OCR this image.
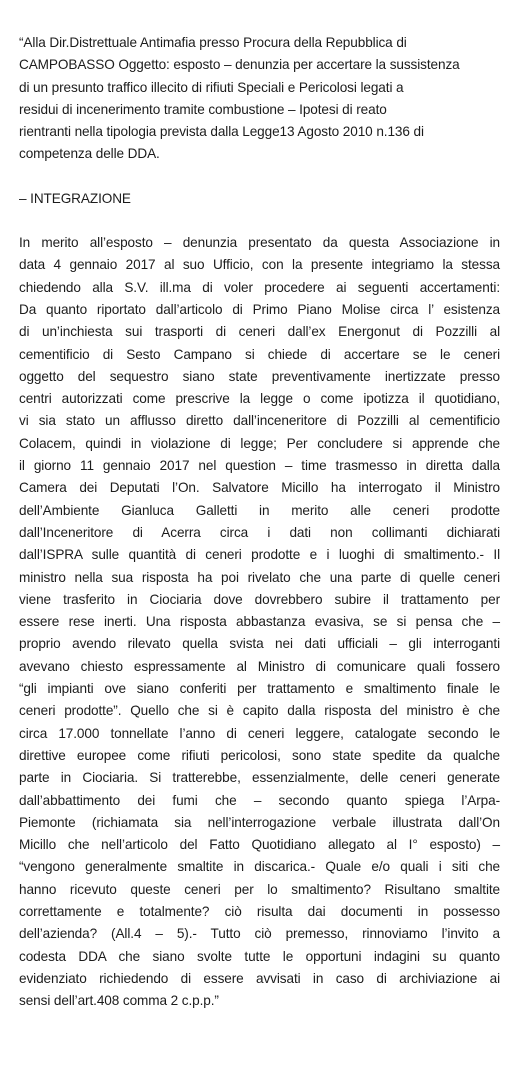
“Alla Dir.Distrettuale Antimafia presso Procura della Repubblica di
CAMPOBASSO Oggetto: esposto – denunzia per accertare la sussistenza
di un presunto traffico illecito di rifiuti Speciali e Pericolosi legati a
residui di incenerimento tramite combustione – Ipotesi di reato
rientranti nella tipologia prevista dalla Legge13 Agosto 2010 n.136 di
competenza delle DDA.
– INTEGRAZIONE
In merito all’esposto – denunzia presentato da questa Associazione in
data 4 gennaio 2017 al suo Ufficio, con la presente integriamo la stessa
chiedendo alla S.V. ill.ma di voler procedere ai seguenti accertamenti:
Da quanto riportato dall’articolo di Primo Piano Molise circa l’ esistenza
di un’inchiesta sui trasporti di ceneri dall’ex Energonut di Pozzilli al
cementificio di Sesto Campano si chiede di accertare se le ceneri
oggetto del sequestro siano state preventivamente inertizzate presso
centri autorizzati come prescrive la legge o come ipotizza il quotidiano,
vi sia stato un afflusso diretto dall’inceneritore di Pozzilli al cementificio
Colacem, quindi in violazione di legge; Per concludere si apprende che
il giorno 11 gennaio 2017 nel question – time trasmesso in diretta dalla
Camera dei Deputati l’On. Salvatore Micillo ha interrogato il Ministro
dell’Ambiente Gianluca Galletti in merito alle ceneri prodotte
dall’Inceneritore di Acerra circa i dati non collimanti dichiarati
dall’ISPRA sulle quantità di ceneri prodotte e i luoghi di smaltimento.- Il
ministro nella sua risposta ha poi rivelato che una parte di quelle ceneri
viene trasferito in Ciociaria dove dovrebbero subire il trattamento per
essere rese inerti. Una risposta abbastanza evasiva, se si pensa che –
proprio avendo rilevato quella svista nei dati ufficiali – gli interroganti
avevano chiesto espressamente al Ministro di comunicare quali fossero
“gli impianti ove siano conferiti per trattamento e smaltimento finale le
ceneri prodotte”. Quello che si è capito dalla risposta del ministro è che
circa 17.000 tonnellate l’anno di ceneri leggere, catalogate secondo le
direttive europee come rifiuti pericolosi, sono state spedite da qualche
parte in Ciociaria. Si tratterebbe, essenzialmente, delle ceneri generate
dall’abbattimento dei fumi che – secondo quanto spiega l’Arpa-
Piemonte (richiamata sia nell’interrogazione verbale illustrata dall’On
Micillo che nell’articolo del Fatto Quotidiano allegato al I° esposto) –
“vengono generalmente smaltite in discarica.- Quale e/o quali i siti che
hanno ricevuto queste ceneri per lo smaltimento? Risultano smaltite
correttamente e totalmente? ciò risulta dai documenti in possesso
dell’azienda? (All.4 – 5).- Tutto ciò premesso, rinnoviamo l’invito a
codesta DDA che siano svolte tutte le opportuni indagini su quanto
evidenziato richiedendo di essere avvisati in caso di archiviazione ai
sensi dell’art.408 comma 2 c.p.p.”
